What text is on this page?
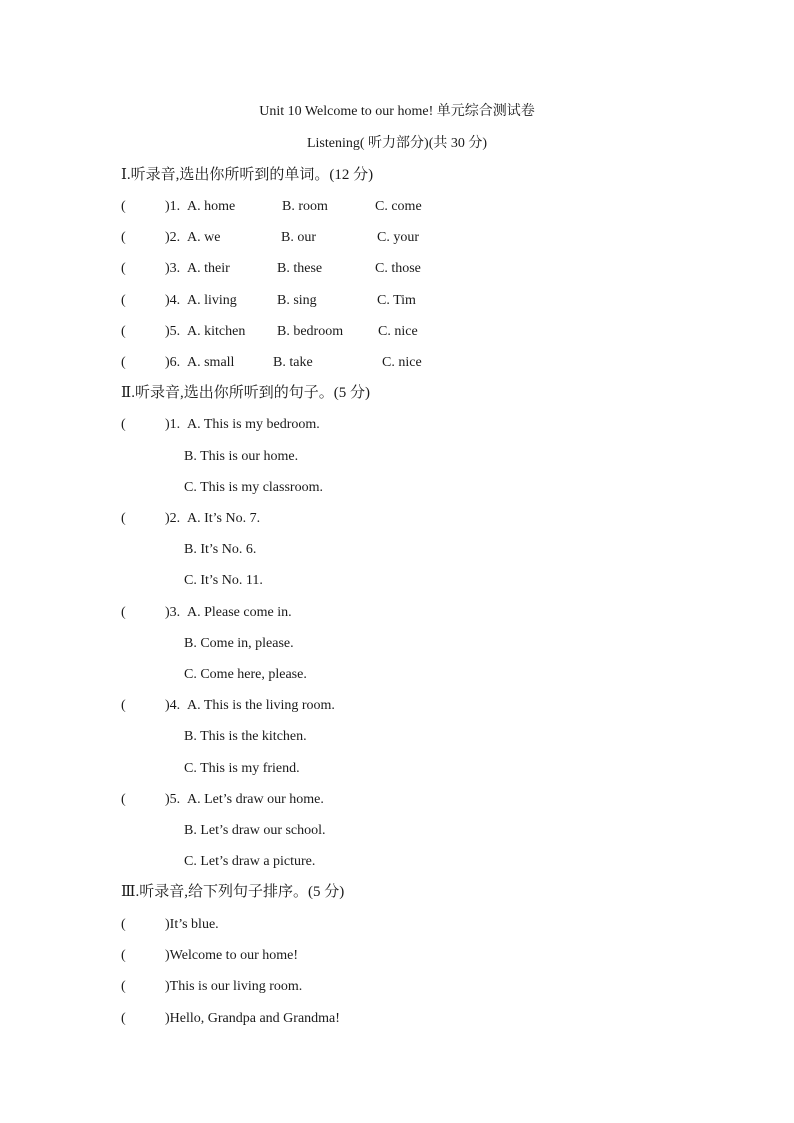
Unit 10 Welcome to our home! 单元综合测试卷
Listening( 听力部分)(共 30 分)
Ⅰ.听录音,选出你所听到的单词。(12 分)
(	)1. A. home	B. room	C. come
(	)2. A. we	B. our	C. your
(	)3. A. their	B. these	C. those
(	)4. A. living	B. sing	C. Tim
(	)5. A. kitchen B. bedroom C. nice
(	)6. A. small	B. take	C. nice
Ⅱ.听录音,选出你所听到的句子。(5 分)
(	)1. A. This is my bedroom.
B. This is our home.
C. This is my classroom.
(	)2. A. It’s No. 7.
B. It’s No. 6.
C. It’s No. 11.
(	)3. A. Please come in.
B. Come in, please.
C. Come here, please.
(	)4. A. This is the living room.
B. This is the kitchen.
C. This is my friend.
(	)5. A. Let’s draw our home.
B. Let’s draw our school.
C. Let’s draw a picture.
Ⅲ.听录音,给下列句子排序。(5 分)
(	)It’s blue.
(	)Welcome to our home!
(	)This is our living room.
(	)Hello, Grandpa and Grandma!
